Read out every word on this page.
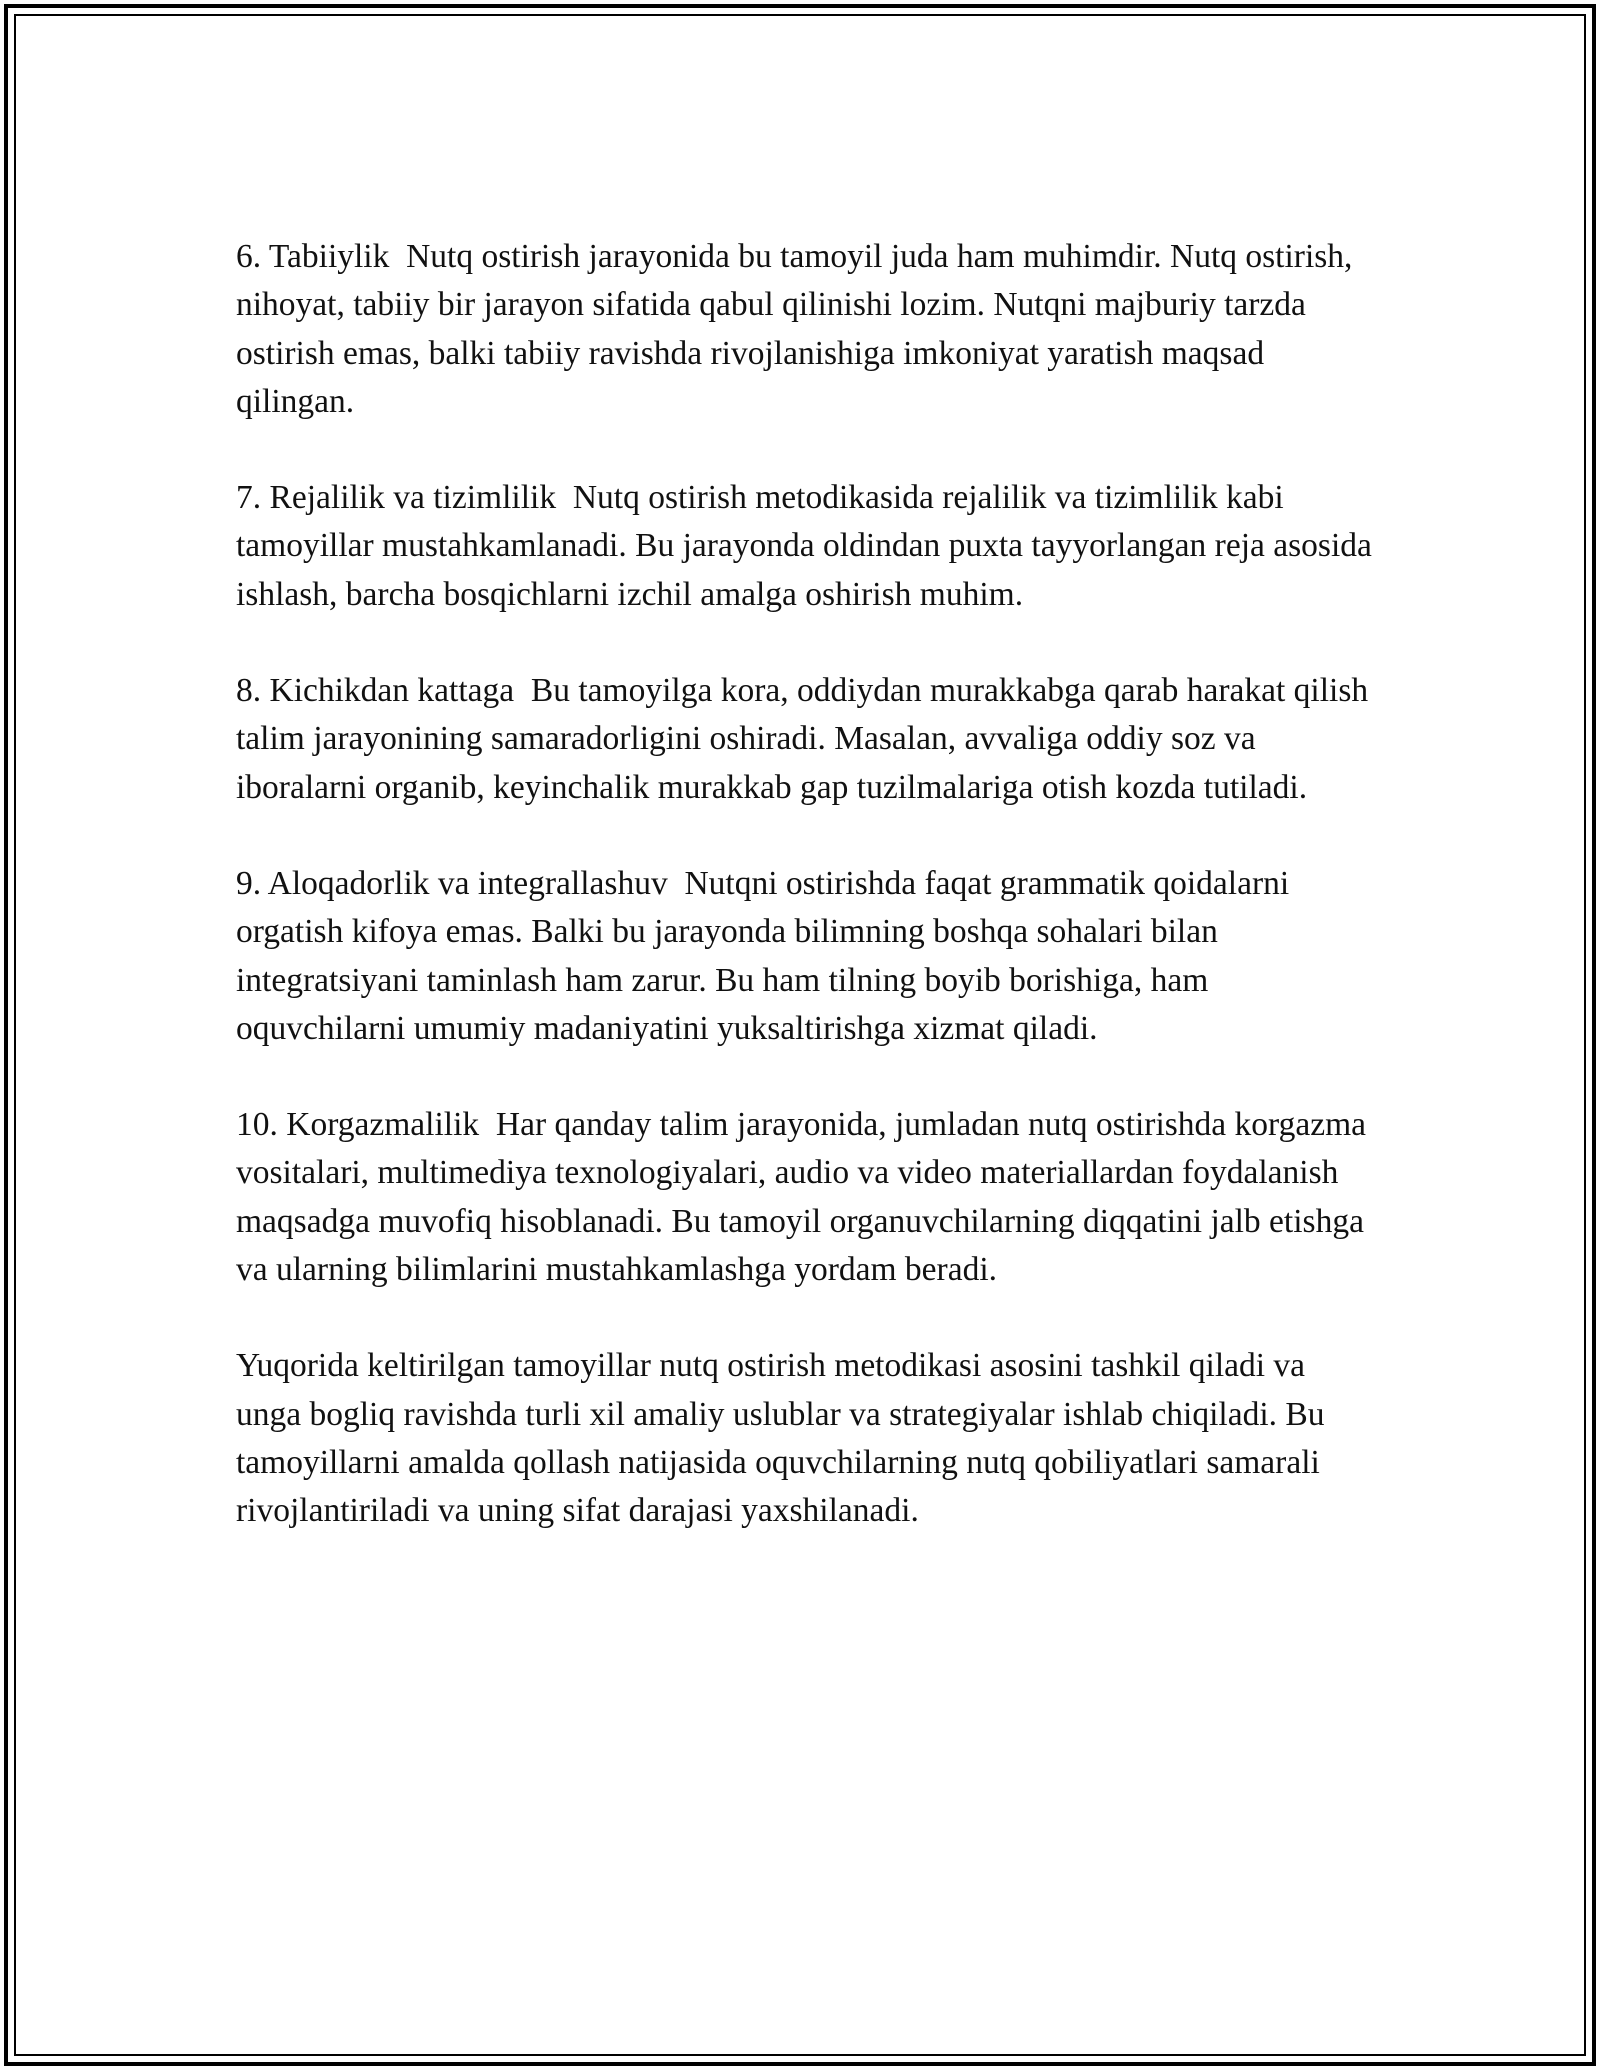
6. Tabiiylik  Nutq ostirish jarayonida bu tamoyil juda ham muhimdir. Nutq ostirish, nihoyat, tabiiy bir jarayon sifatida qabul qilinishi lozim. Nutqni majburiy tarzda ostirish emas, balki tabiiy ravishda rivojlanishiga imkoniyat yaratish maqsad qilingan.

7. Rejalilik va tizimlilik  Nutq ostirish metodikasida rejalilik va tizimlilik kabi tamoyillar mustahkamlanadi. Bu jarayonda oldindan puxta tayyorlangan reja asosida ishlash, barcha bosqichlarni izchil amalga oshirish muhim.

8. Kichikdan kattaga  Bu tamoyilga kora, oddiydan murakkabga qarab harakat qilish talim jarayonining samaradorligini oshiradi. Masalan, avvaliga oddiy soz va iboralarni organib, keyinchalik murakkab gap tuzilmalariga otish kozda tutiladi.

9. Aloqadorlik va integrallashuv  Nutqni ostirishda faqat grammatik qoidalarni orgatish kifoya emas. Balki bu jarayonda bilimning boshqa sohalari bilan integratsiyani taminlash ham zarur. Bu ham tilning boyib borishiga, ham oquvchilarni umumiy madaniyatini yuksaltirishga xizmat qiladi.

10. Korgazmalilik  Har qanday talim jarayonida, jumladan nutq ostirishda korgazma vositalari, multimediya texnologiyalari, audio va video materiallardan foydalanish maqsadga muvofiq hisoblanadi. Bu tamoyil organuvchilarning diqqatini jalb etishga va ularning bilimlarini mustahkamlashga yordam beradi.

Yuqorida keltirilgan tamoyillar nutq ostirish metodikasi asosini tashkil qiladi va unga bogliq ravishda turli xil amaliy uslublar va strategiyalar ishlab chiqiladi. Bu tamoyillarni amalda qollash natijasida oquvchilarning nutq qobiliyatlari samarali rivojlantiriladi va uning sifat darajasi yaxshilanadi.
